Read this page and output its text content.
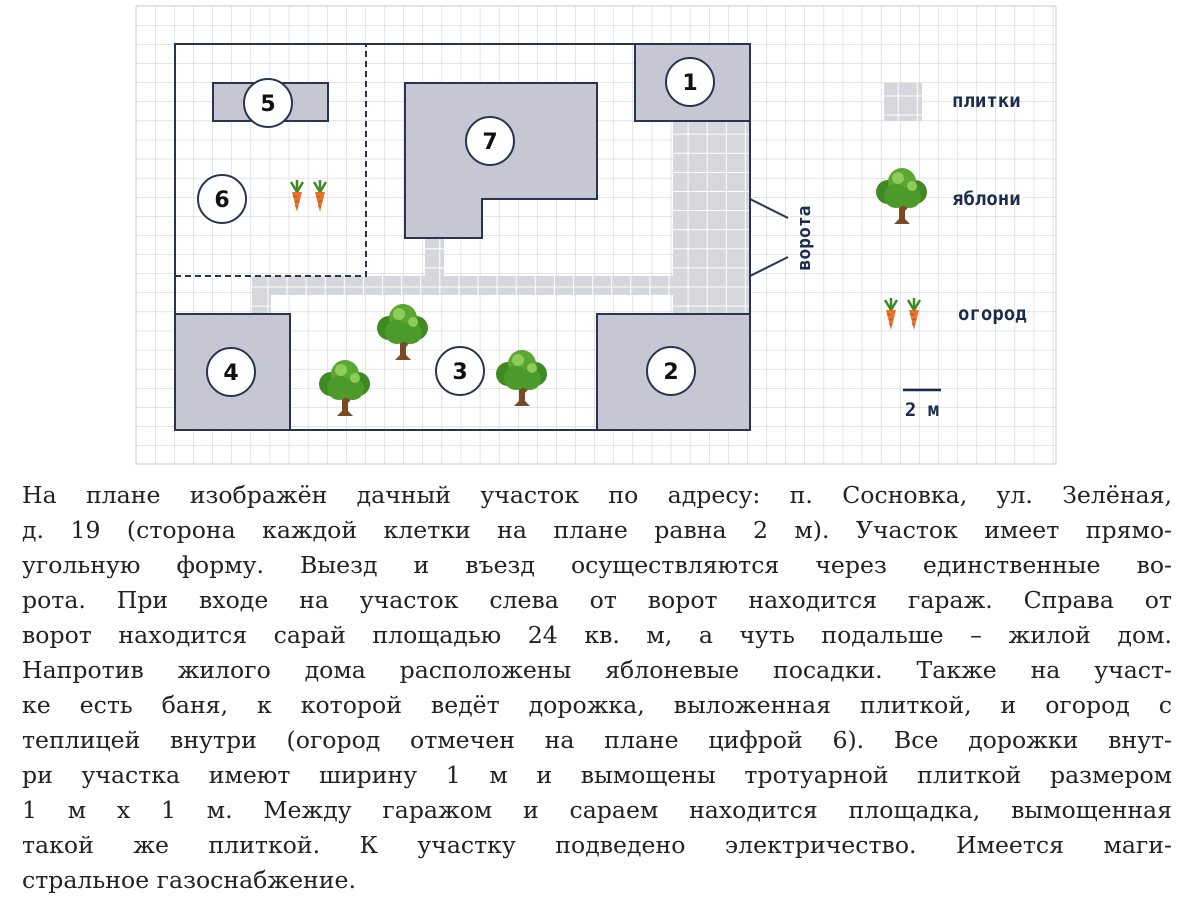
ворота
1
2
3
4
5
6
7
плитки
яблони
огород
2 м
На плане изображён дачный участок по адресу: п. Сосновка, ул. Зелёная,
д. 19 (сторона каждой клетки на плане равна 2 м). Участок имеет прямо-
угольную форму. Выезд и въезд осуществляются через единственные во-
рота. При входе на участок слева от ворот находится гараж. Справа от
ворот находится сарай площадью 24 кв. м, а чуть подальше – жилой дом.
Напротив жилого дома расположены яблоневые посадки. Также на участ-
ке есть баня, к которой ведёт дорожка, выложенная плиткой, и огород с
теплицей внутри (огород отмечен на плане цифрой 6). Все дорожки внут-
ри участка имеют ширину 1 м и вымощены тротуарной плиткой размером
1 м х 1 м. Между гаражом и сараем находится площадка, вымощенная
такой же плиткой. К участку подведено электричество. Имеется маги-
стральное газоснабжение.
